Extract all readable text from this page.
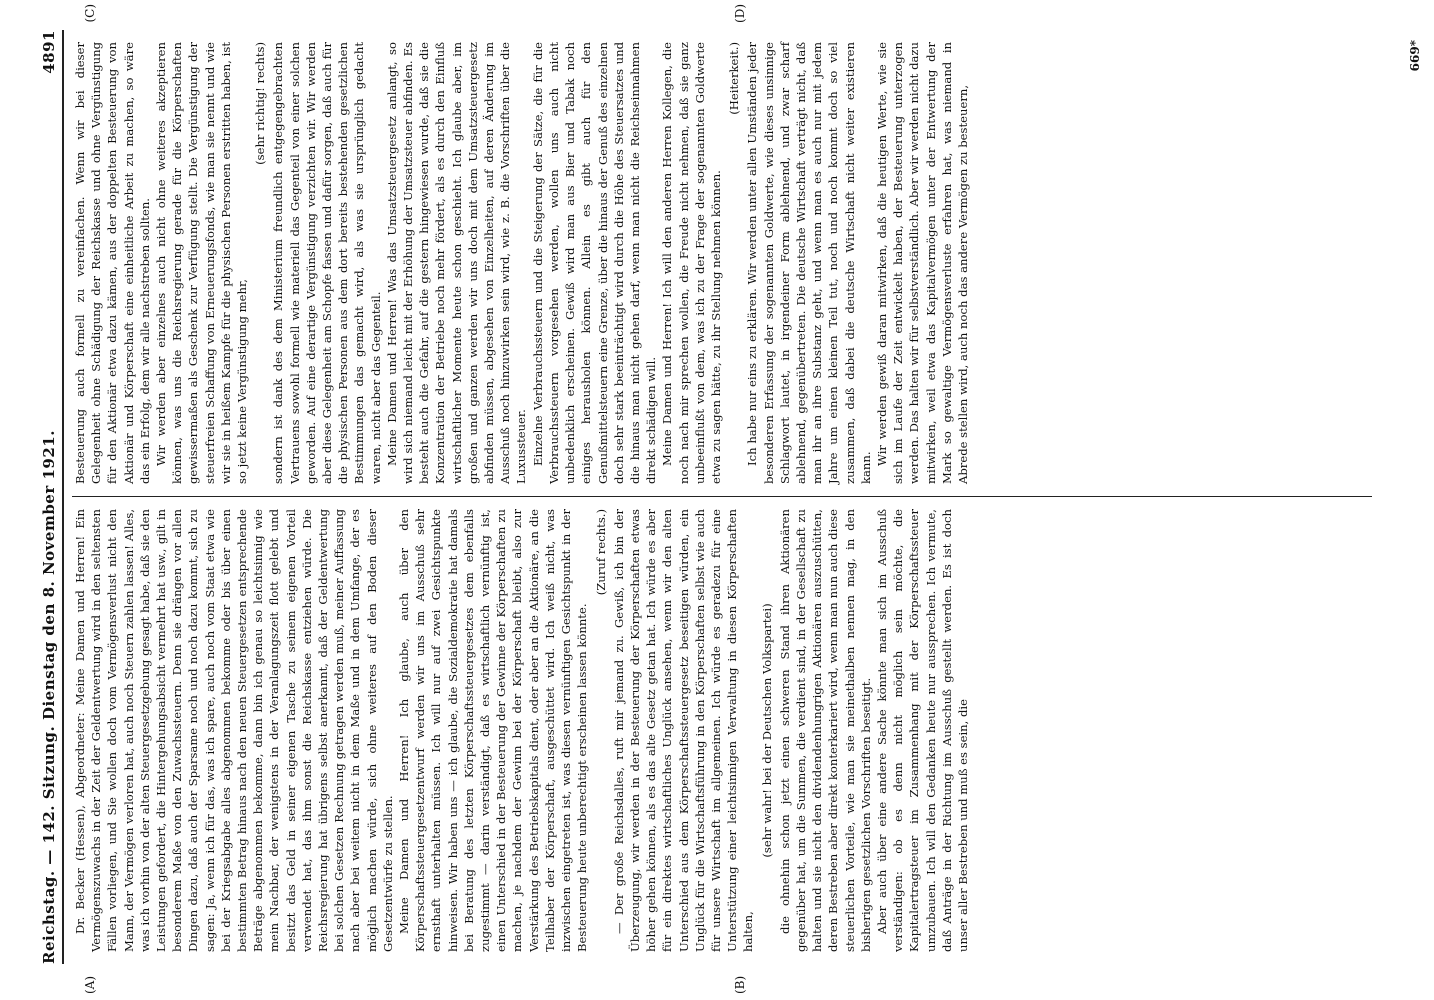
Reichstag. — 142. Sitzung. Dienstag den 8. November 1921.
4891
(A)	(B)

Dr. Becker (Hessen), Abgeordneter: Meine Damen und Herren! Ein Vermögenszuwachs in der Zeit der Geldentwertung wird in den seltensten Fällen vorliegen, und Sie wollen doch vom Vermögensverlust nicht den Mann, der Vermögen verloren hat, auch noch Steuern zahlen lassen! Alles, was ich vorhin von der alten Steuergesetzgebung gesagt habe, daß sie den Leistungen gefordert, die Hintergehungsabsicht vermehrt hat usw., gilt in besonderem Maße von den Zuwachssteuern. Denn sie drängen vor allen Dingen dazu, daß auch der Sparsame noch und noch dazu kommt, sich zu sagen: Ja, wenn ich für das, was ich spare, auch noch vom Staat etwa wie bei der Kriegsabgabe alles abgenommen bekomme oder bis über einen bestimmten Betrag hinaus nach den neuen Steuergesetzen entsprechende Beträge abgenommen bekomme, dann bin ich genau so leichtsinnig wie mein Nachbar, der wenigstens in der Veranlagungszeit flott gelebt und besitzt das Geld in seiner eigenen Tasche zu seinem eigenen Vorteil verwendet hat, das ihm sonst die Reichskasse entziehen würde. Die Reichsregierung hat übrigens selbst anerkannt, daß der Geldentwertung bei solchen Gesetzen Rechnung getragen werden muß, meiner Auffassung nach aber bei weitem nicht in dem Maße und in dem Umfange, der es möglich machen würde, sich ohne weiteres auf den Boden dieser Gesetzentwürfe zu stellen. Meine Damen und Herren! Ich glaube, auch über den Körperschaftssteuergesetzentwurf werden wir uns im Ausschuß sehr ernsthaft unterhalten müssen. Ich will nur auf zwei Gesichtspunkte hinweisen. Wir haben uns — ich glaube, die Sozialdemokratie hat damals bei Beratung des letzten Körperschaftssteuergesetzes dem ebenfalls zugestimmt — darin verständigt, daß es wirtschaftlich vernünftig ist, einen Unterschied in der Besteuerung der Gewinne der Körperschaften zu machen, je nachdem der Gewinn bei der Körperschaft bleibt, also zur Verstärkung des Betriebskapitals dient, oder aber an die Aktionäre, an die Teilhaber der Körperschaft, ausgeschüttet wird. Ich weiß nicht, was inzwischen eingetreten ist, was diesen vernünftigen Gesichtspunkt in der Besteuerung heute unberechtigt erscheinen lassen könnte.

(Zuruf rechts.) — Der große Reichsdalles, ruft mir jemand zu. Gewiß, ich bin der Überzeugung, wir werden in der Besteuerung der Körperschaften etwas höher gehen können, als es das alte Gesetz getan hat. Ich würde es aber für ein direktes wirtschaftliches Unglück ansehen, wenn wir den alten Unterschied aus dem Körperschaftssteuergesetz beseitigen würden, ein Unglück für die Wirtschaftsführung in den Körperschaften selbst wie auch für unsere Wirtschaft im allgemeinen. Ich würde es geradezu für eine Unterstützung einer leichtsinnigen Verwaltung in diesen Körperschaften halten,

(sehr wahr! bei der Deutschen Volkspartei) die ohnehin schon jetzt einen schweren Stand ihren Aktionären gegenüber hat, um die Summen, die verdient sind, in der Gesellschaft zu halten und sie nicht den dividendenhungrigen Aktionären auszuschütten, deren Bestreben aber direkt konterkariert wird, wenn man nun auch diese steuerlichen Vorteile, wie man sie meinethalben nennen mag, in den bisherigen gesetzlichen Vorschriften beseitigt. Aber auch über eine andere Sache könnte man sich im Ausschuß verständigen: ob es denn nicht möglich sein möchte, die Kapitalertragsteuer im Zusammenhang mit der Körperschaftssteuer umzubauen. Ich will den Gedanken heute nur aussprechen. Ich vermute, daß Anträge in der Richtung im Ausschuß gestellt werden. Es ist doch unser aller Bestreben und muß es sein, die

(C)	(D)

Besteuerung auch formell zu vereinfachen. Wenn wir bei dieser Gelegenheit ohne Schädigung der Reichskasse und ohne Vergünstigung für den Aktionär etwa dazu kämen, aus der doppelten Besteuerung von Aktionär und Körperschaft eine einheitliche Arbeit zu machen, so wäre das ein Erfolg, dem wir alle nachstreben sollten. Wir werden aber einzelnes auch nicht ohne weiteres akzeptieren können, was uns die Reichsregierung gerade für die Körperschaften gewissermaßen als Geschenk zur Verfügung stellt. Die Vergünstigung der steuerfreien Schaffung von Erneuerungsfonds, wie man sie nennt und wie wir sie in heißem Kampfe für die physischen Personen erstritten haben, ist so jetzt keine Vergünstigung mehr,

(sehr richtig! rechts) sondern ist dank des dem Ministerium freundlich entgegengebrachten Vertrauens sowohl formell wie materiell das Gegenteil von einer solchen geworden. Auf eine derartige Vergünstigung verzichten wir. Wir werden aber diese Gelegenheit am Schopfe fassen und dafür sorgen, daß auch für die physischen Personen aus dem dort bereits bestehenden gesetzlichen Bestimmungen das gemacht wird, als was sie ursprünglich gedacht waren, nicht aber das Gegenteil. Meine Damen und Herren! Was das Umsatzsteuergesetz anlangt, so wird sich niemand leicht mit der Erhöhung der Umsatzsteuer abfinden. Es besteht auch die Gefahr, auf die gestern hingewiesen wurde, daß sie die Konzentration der Betriebe noch mehr fördert, als es durch den Einfluß wirtschaftlicher Momente heute schon geschieht. Ich glaube aber, im großen und ganzen werden wir uns doch mit dem Umsatzsteuergesetz abfinden müssen, abgesehen von Einzelheiten, auf deren Änderung im Ausschuß noch hinzuwirken sein wird, wie z. B. die Vorschriften über die Luxussteuer. Einzelne Verbrauchssteuern und die Steigerung der Sätze, die für die Verbrauchssteuern vorgesehen werden, wollen uns auch nicht unbedenklich erscheinen. Gewiß wird man aus Bier und Tabak noch einiges herausholen können. Allein es gibt auch für den Genußmittelsteuern eine Grenze, über die hinaus der Genuß des einzelnen doch sehr stark beeinträchtigt wird durch die Höhe des Steuersatzes und die hinaus man nicht gehen darf, wenn man nicht die Reichseinnahmen direkt schädigen will. Meine Damen und Herren! Ich will den anderen Herren Kollegen, die noch nach mir sprechen wollen, die Freude nicht nehmen, daß sie ganz unbeeinflußt von dem, was ich zu der Frage der sogenannten Goldwerte etwa zu sagen hätte, zu ihr Stellung nehmen können.

(Heiterkeit.) Ich habe nur eins zu erklären. Wir werden unter allen Umständen jeder besonderen Erfassung der sogenannten Goldwerte, wie dieses unsinnige Schlagwort lautet, in irgendeiner Form ablehnend, und zwar scharf ablehnend, gegenübertreten. Die deutsche Wirtschaft verträgt nicht, daß man ihr an ihre Substanz geht, und wenn man es auch nur mit jedem Jahre um einen kleinen Teil tut, noch und noch kommt doch so viel zusammen, daß dabei die deutsche Wirtschaft nicht weiter existieren kann.

Wir werden gewiß daran mitwirken, daß die heutigen Werte, wie sie sich im Laufe der Zeit entwickelt haben, der Besteuerung unterzogen werden. Das halten wir für selbstverständlich. Aber wir werden nicht dazu mitwirken, weil etwa das Kapitalvermögen unter der Entwertung der Mark so gewaltige Vermögensverluste erfahren hat, was niemand in Abrede stellen wird, auch noch das andere Vermögen zu besteuern,

669*
